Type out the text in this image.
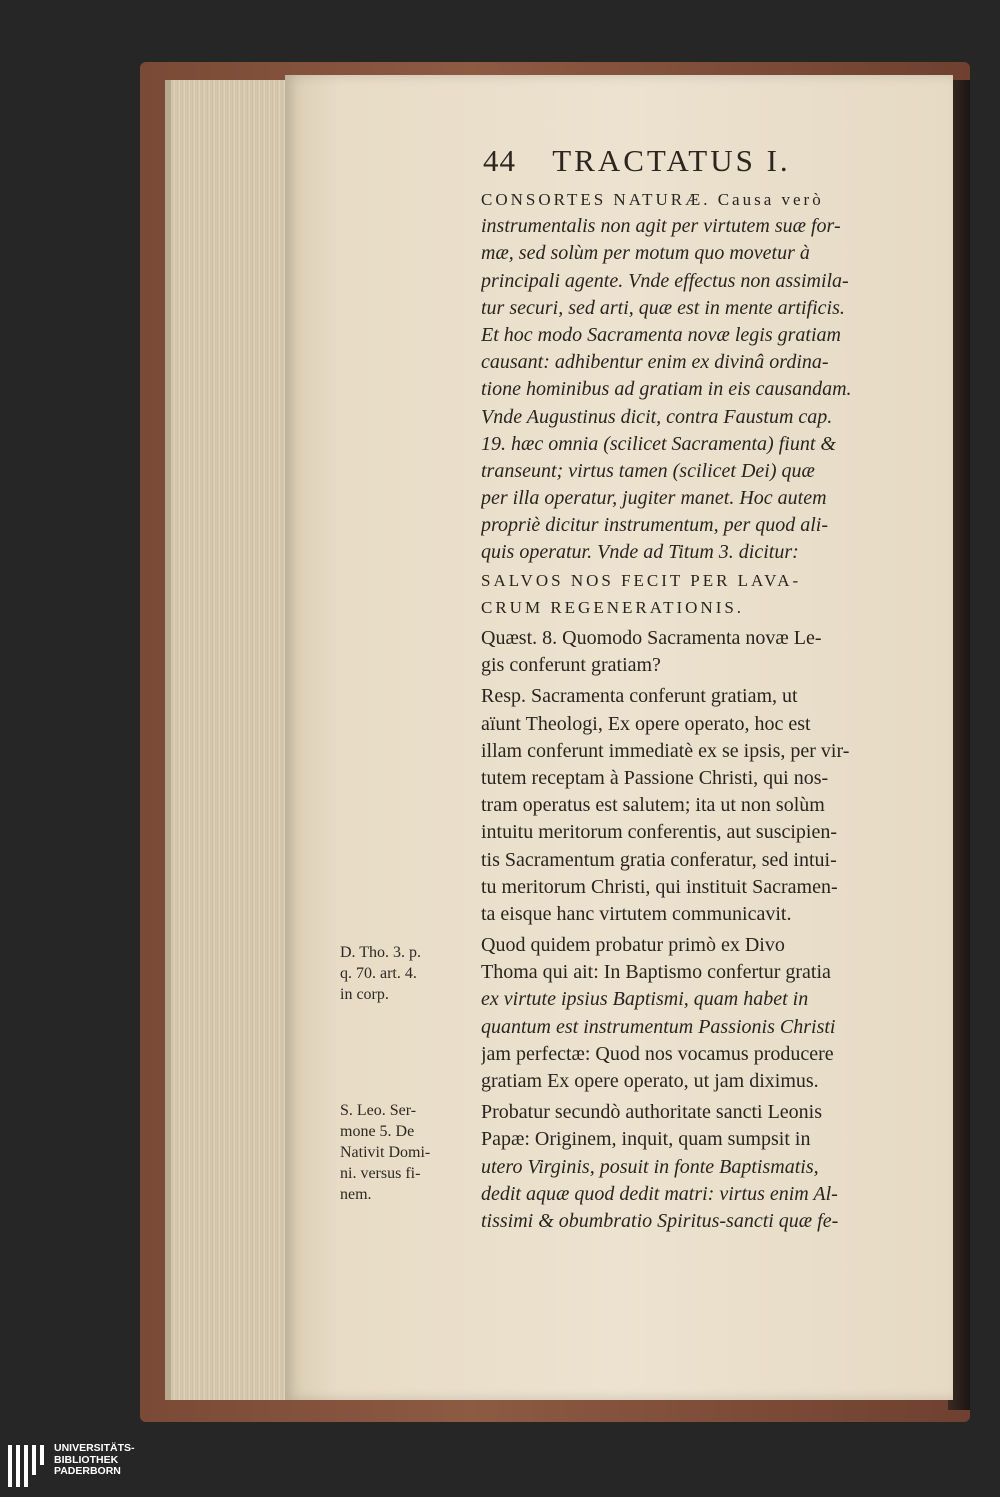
44 TRACTATUS I.
CONSORTES NATURÆ. Causa verò
instrumentalis non agit per virtutem suæ for-
mæ, sed solùm per motum quo movetur à
principali agente. Vnde effectus non assimila-
tur securi, sed arti, quæ est in mente artificis.
Et hoc modo Sacramenta novæ legis gratiam
causant: adhibentur enim ex divinâ ordina-
tione hominibus ad gratiam in eis causandam.
Vnde Augustinus dicit, contra Faustum cap.
19. hæc omnia (scilicet Sacramenta) fiunt &
transeunt; virtus tamen (scilicet Dei) quæ
per illa operatur, jugiter manet. Hoc autem
propriè dicitur instrumentum, per quod ali-
quis operatur. Vnde ad Titum 3. dicitur:
SALVOS NOS FECIT PER LAVA-
CRUM REGENERATIONIS.
Quæst. 8. Quomodo Sacramenta novæ Le-
gis conferunt gratiam?
Resp. Sacramenta conferunt gratiam, ut
aïunt Theologi, Ex opere operato, hoc est
illam conferunt immediatè ex se ipsis, per vir-
tutem receptam à Passione Christi, qui nos-
tram operatus est salutem; ita ut non solùm
intuitu meritorum conferentis, aut suscipien-
tis Sacramentum gratia conferatur, sed intui-
tu meritorum Christi, qui instituit Sacramen-
ta eisque hanc virtutem communicavit.
Quod quidem probatur primò ex Divo
Thoma qui ait: In Baptismo confertur gratia
ex virtute ipsius Baptismi, quam habet in
quantum est instrumentum Passionis Christi
jam perfectæ: Quod nos vocamus producere
gratiam Ex opere operato, ut jam diximus.
Probatur secundò authoritate sancti Leonis
Papæ: Originem, inquit, quam sumpsit in
utero Virginis, posuit in fonte Baptismatis,
dedit aquæ quod dedit matri: virtus enim Al-
tissimi & obumbratio Spiritus-sancti quæ fe-
D. Tho. 3. p.
q. 70. art. 4.
in corp.
S. Leo. Ser-
mone 5. De
Nativit Domi-
ni. versus fi-
nem.
UNIVERSITÄTS-
BIBLIOTHEK
PADERBORN
